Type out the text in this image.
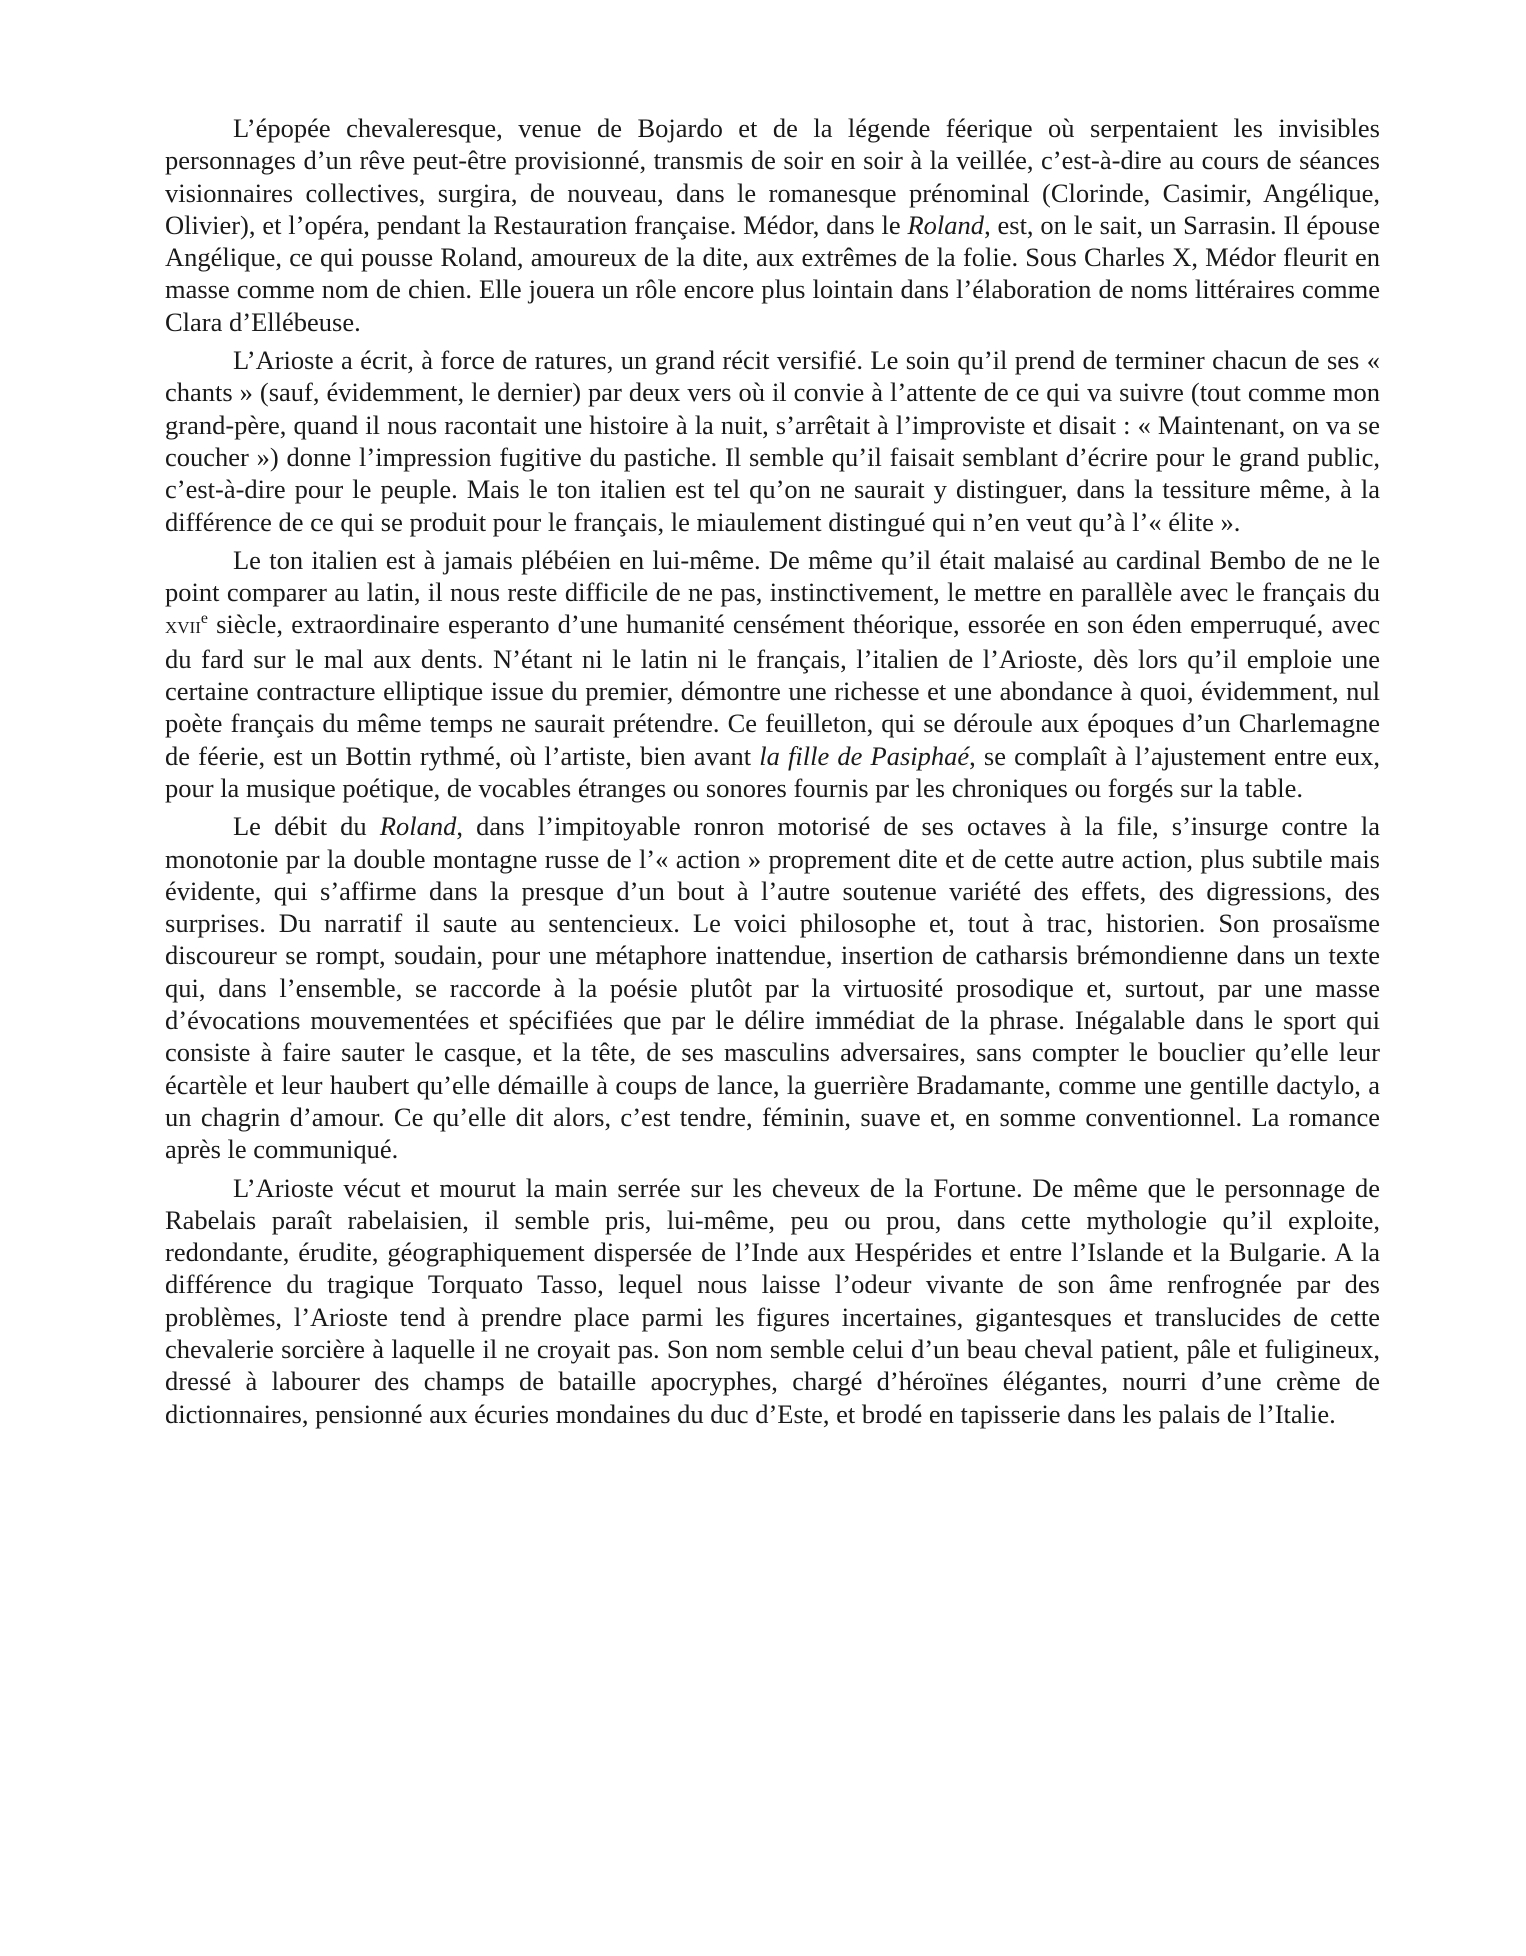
L’épopée chevaleresque, venue de Bojardo et de la légende féerique où serpentaient les invisibles personnages d’un rêve peut-être provisionné, transmis de soir en soir à la veillée, c’est-à-dire au cours de séances visionnaires collectives, surgira, de nouveau, dans le romanesque prénominal (Clorinde, Casimir, Angélique, Olivier), et l’opéra, pendant la Restauration française. Médor, dans le Roland, est, on le sait, un Sarrasin. Il épouse Angélique, ce qui pousse Roland, amoureux de la dite, aux extrêmes de la folie. Sous Charles X, Médor fleurit en masse comme nom de chien. Elle jouera un rôle encore plus lointain dans l’élaboration de noms littéraires comme Clara d’Ellébeuse.

L’Arioste a écrit, à force de ratures, un grand récit versifié. Le soin qu’il prend de terminer chacun de ses « chants » (sauf, évidemment, le dernier) par deux vers où il convie à l’attente de ce qui va suivre (tout comme mon grand-père, quand il nous racontait une histoire à la nuit, s’arrêtait à l’improviste et disait : « Maintenant, on va se coucher ») donne l’impression fugitive du pastiche. Il semble qu’il faisait semblant d’écrire pour le grand public, c’est-à-dire pour le peuple. Mais le ton italien est tel qu’on ne saurait y distinguer, dans la tessiture même, à la différence de ce qui se produit pour le français, le miaulement distingué qui n’en veut qu’à l’« élite ».

Le ton italien est à jamais plébéien en lui-même. De même qu’il était malaisé au cardinal Bembo de ne le point comparer au latin, il nous reste difficile de ne pas, instinctivement, le mettre en parallèle avec le français du xvii$^e$ siècle, extraordinaire esperanto d’une humanité censément théorique, essorée en son éden emperruqué, avec du fard sur le mal aux dents. N’étant ni le latin ni le français, l’italien de l’Arioste, dès lors qu’il emploie une certaine contracture elliptique issue du premier, démontre une richesse et une abondance à quoi, évidemment, nul poète français du même temps ne saurait prétendre. Ce feuilleton, qui se déroule aux époques d’un Charlemagne de féerie, est un Bottin rythmé, où l’artiste, bien avant la fille de Pasiphaé, se complaît à l’ajustement entre eux, pour la musique poétique, de vocables étranges ou sonores fournis par les chroniques ou forgés sur la table.

Le débit du Roland, dans l’impitoyable ronron motorisé de ses octaves à la file, s’insurge contre la monotonie par la double montagne russe de l’« action » proprement dite et de cette autre action, plus subtile mais évidente, qui s’affirme dans la presque d’un bout à l’autre soutenue variété des effets, des digressions, des surprises. Du narratif il saute au sentencieux. Le voici philosophe et, tout à trac, historien. Son prosaïsme discoureur se rompt, soudain, pour une métaphore inattendue, insertion de catharsis brémondienne dans un texte qui, dans l’ensemble, se raccorde à la poésie plutôt par la virtuosité prosodique et, surtout, par une masse d’évocations mouvementées et spécifiées que par le délire immédiat de la phrase. Inégalable dans le sport qui consiste à faire sauter le casque, et la tête, de ses masculins adversaires, sans compter le bouclier qu’elle leur écartèle et leur haubert qu’elle démaille à coups de lance, la guerrière Bradamante, comme une gentille dactylo, a un chagrin d’amour. Ce qu’elle dit alors, c’est tendre, féminin, suave et, en somme conventionnel. La romance après le communiqué.

L’Arioste vécut et mourut la main serrée sur les cheveux de la Fortune. De même que le personnage de Rabelais paraît rabelaisien, il semble pris, lui-même, peu ou prou, dans cette mythologie qu’il exploite, redondante, érudite, géographiquement dispersée de l’Inde aux Hespérides et entre l’Islande et la Bulgarie. A la différence du tragique Torquato Tasso, lequel nous laisse l’odeur vivante de son âme renfrognée par des problèmes, l’Arioste tend à prendre place parmi les figures incertaines, gigantesques et translucides de cette chevalerie sorcière à laquelle il ne croyait pas. Son nom semble celui d’un beau cheval patient, pâle et fuligineux, dressé à labourer des champs de bataille apocryphes, chargé d’héroïnes élégantes, nourri d’une crème de dictionnaires, pensionné aux écuries mondaines du duc d’Este, et brodé en tapisserie dans les palais de l’Italie.
